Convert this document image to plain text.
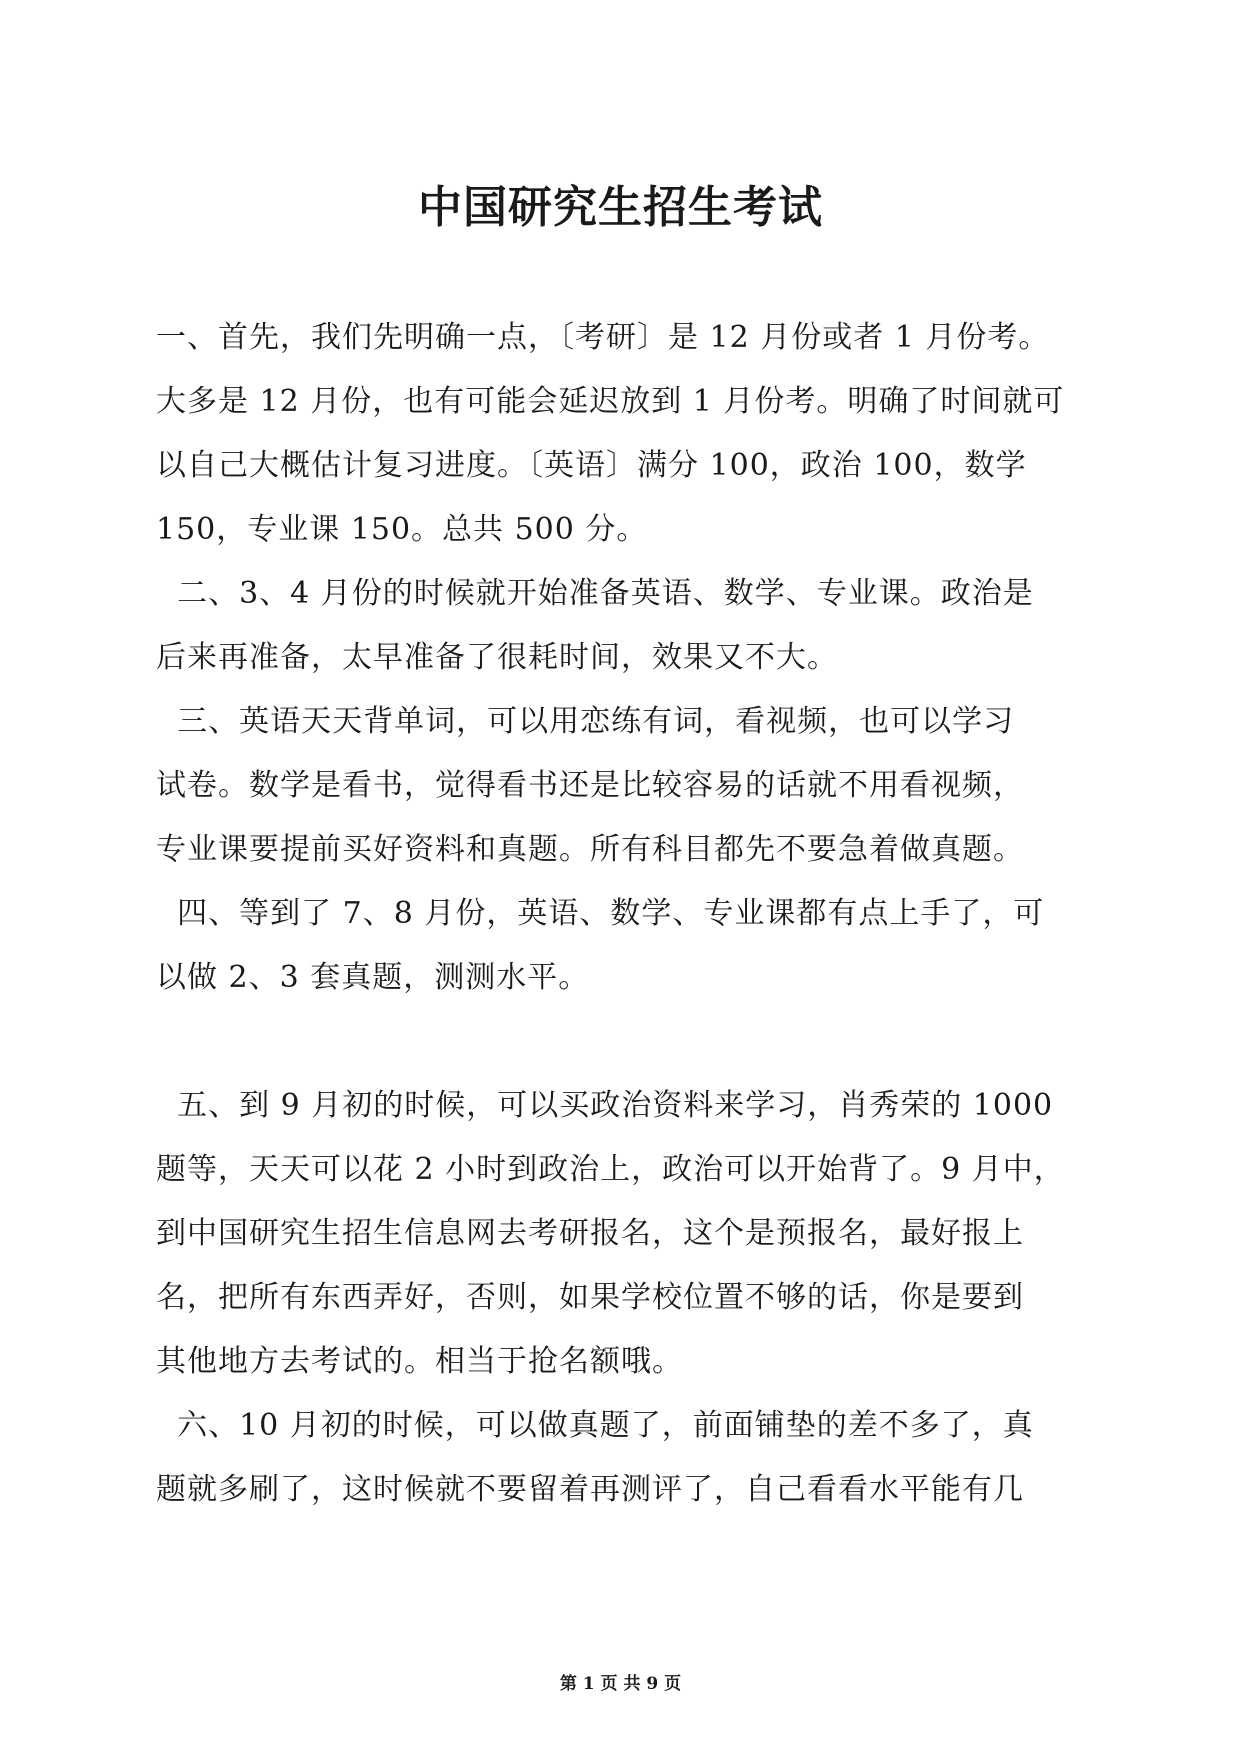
中国研究生招生考试
一、首先，我们先明确一点，〔考研〕是 12 月份或者 1 月份考。
大多是 12 月份，也有可能会延迟放到 1 月份考。明确了时间就可
以自己大概估计复习进度。〔英语〕满分 100，政治 100，数学
150，专业课 150。总共 500 分。
二、3、4 月份的时候就开始准备英语、数学、专业课。政治是
后来再准备，太早准备了很耗时间，效果又不大。
三、英语天天背单词，可以用恋练有词，看视频，也可以学习
试卷。数学是看书，觉得看书还是比较容易的话就不用看视频，
专业课要提前买好资料和真题。所有科目都先不要急着做真题。
四、等到了 7、8 月份，英语、数学、专业课都有点上手了，可
以做 2、3 套真题，测测水平。
五、到 9 月初的时候，可以买政治资料来学习，肖秀荣的 1000
题等，天天可以花 2 小时到政治上，政治可以开始背了。9 月中，
到中国研究生招生信息网去考研报名，这个是预报名，最好报上
名，把所有东西弄好，否则，如果学校位置不够的话，你是要到
其他地方去考试的。相当于抢名额哦。
六、10 月初的时候，可以做真题了，前面铺垫的差不多了，真
题就多刷了，这时候就不要留着再测评了，自己看看水平能有几
第 1 页 共 9 页
